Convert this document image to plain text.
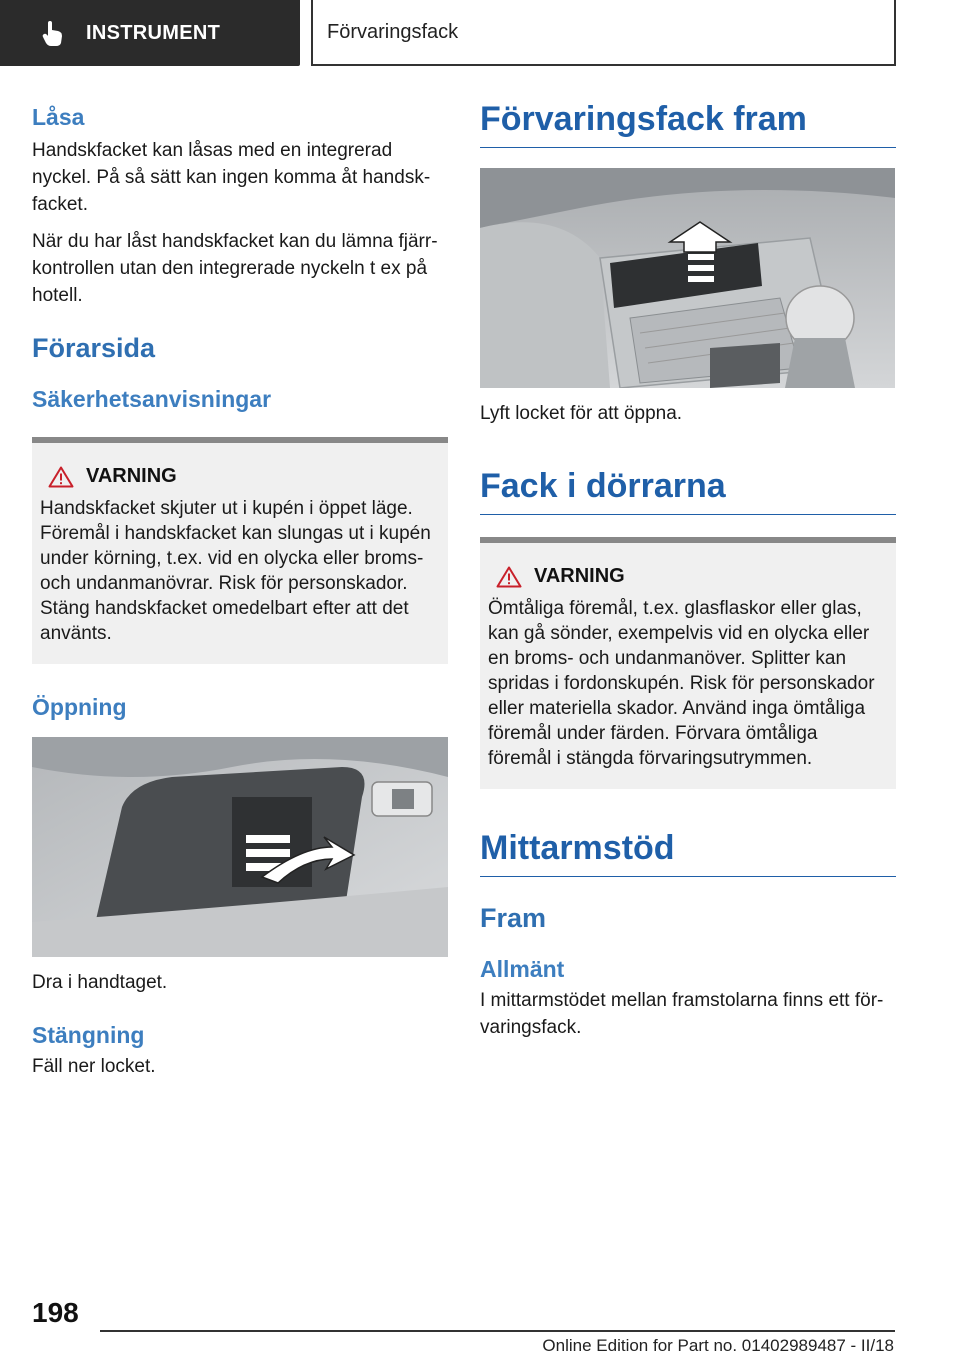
INSTRUMENT	Förvaringsfack
Låsa

Handskfacket kan låsas med en integrerad nyckel. På så sätt kan ingen komma åt handskfacket.

När du har låst handskfacket kan du lämna fjärrkontrollen utan den integrerade nyckeln t ex på hotell.

Förarsida
Säkerhetsanvisningar
VARNING

Handskfacket skjuter ut i kupén i öppet läge. Föremål i handskfacket kan slungas ut i kupén under körning, t.ex. vid en olycka eller broms- och undanmanövrar. Risk för personskador. Stäng handskfacket omedelbart efter att det använts.

Öppning

Dra i handtaget.

Stängning

Fäll ner locket.

Förvaringsfack fram

Lyft locket för att öppna.

Fack i dörrarna
VARNING

Ömtåliga föremål, t.ex. glasflaskor eller glas, kan gå sönder, exempelvis vid en olycka eller en broms- och undanmanöver. Splitter kan spridas i fordonskupén. Risk för personskador eller materiella skador. Använd inga ömtåliga föremål under färden. Förvara ömtåliga föremål i stängda förvaringsutrymmen.

Mittarmstöd
Fram
Allmänt

I mittarmstödet mellan framstolarna finns ett förvaringsfack.

198
Online Edition for Part no. 01402989487 - II/18
